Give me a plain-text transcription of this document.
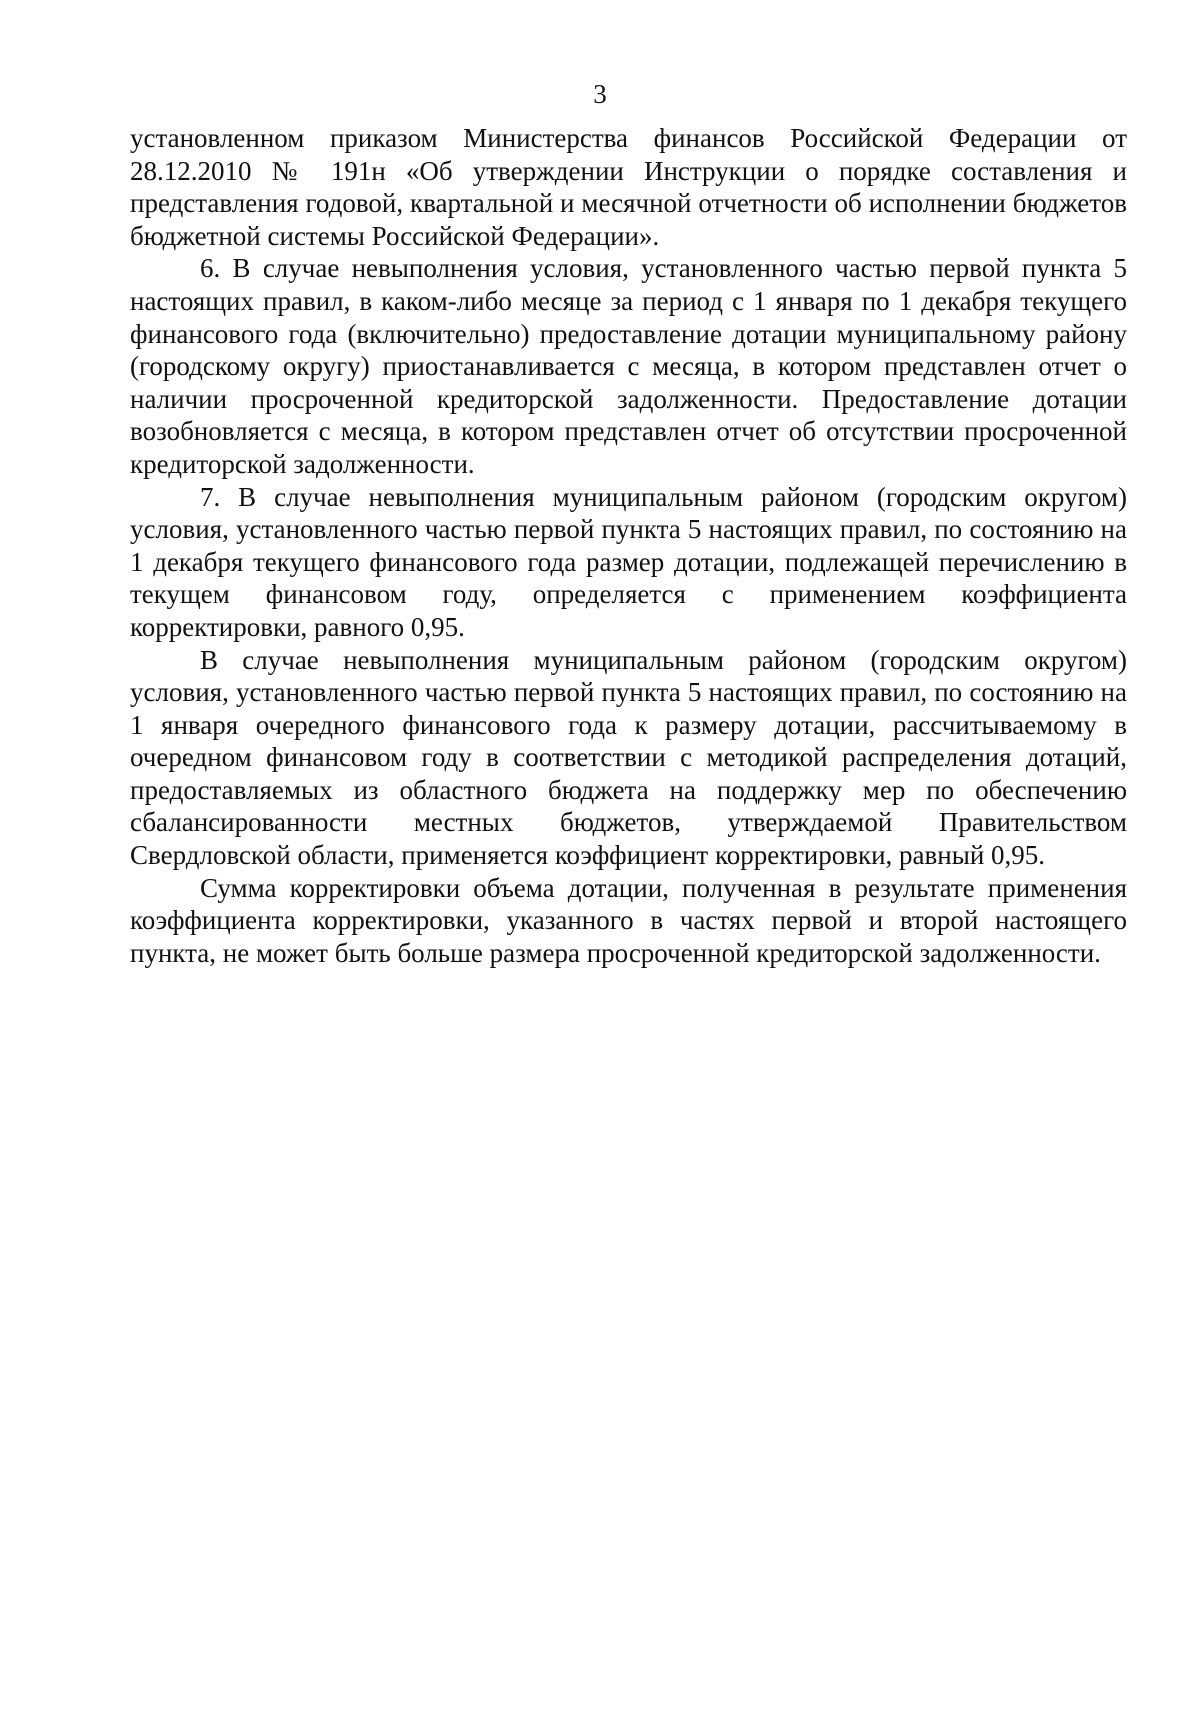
3

установленном приказом Министерства финансов Российской Федерации от 28.12.2010 № 191н «Об утверждении Инструкции о порядке составления и представления годовой, квартальной и месячной отчетности об исполнении бюджетов бюджетной системы Российской Федерации».

6. В случае невыполнения условия, установленного частью первой пункта 5 настоящих правил, в каком-либо месяце за период с 1 января по 1 декабря текущего финансового года (включительно) предоставление дотации муниципальному району (городскому округу) приостанавливается с месяца, в котором представлен отчет о наличии просроченной кредиторской задолженности. Предоставление дотации возобновляется с месяца, в котором представлен отчет об отсутствии просроченной кредиторской задолженности.

7. В случае невыполнения муниципальным районом (городским округом) условия, установленного частью первой пункта 5 настоящих правил, по состоянию на 1 декабря текущего финансового года размер дотации, подлежащей перечислению в текущем финансовом году, определяется с применением коэффициента корректировки, равного 0,95.

В случае невыполнения муниципальным районом (городским округом) условия, установленного частью первой пункта 5 настоящих правил, по состоянию на 1 января очередного финансового года к размеру дотации, рассчитываемому в очередном финансовом году в соответствии с методикой распределения дотаций, предоставляемых из областного бюджета на поддержку мер по обеспечению сбалансированности местных бюджетов, утверждаемой Правительством Свердловской области, применяется коэффициент корректировки, равный 0,95.

Сумма корректировки объема дотации, полученная в результате применения коэффициента корректировки, указанного в частях первой и второй настоящего пункта, не может быть больше размера просроченной кредиторской задолженности.
